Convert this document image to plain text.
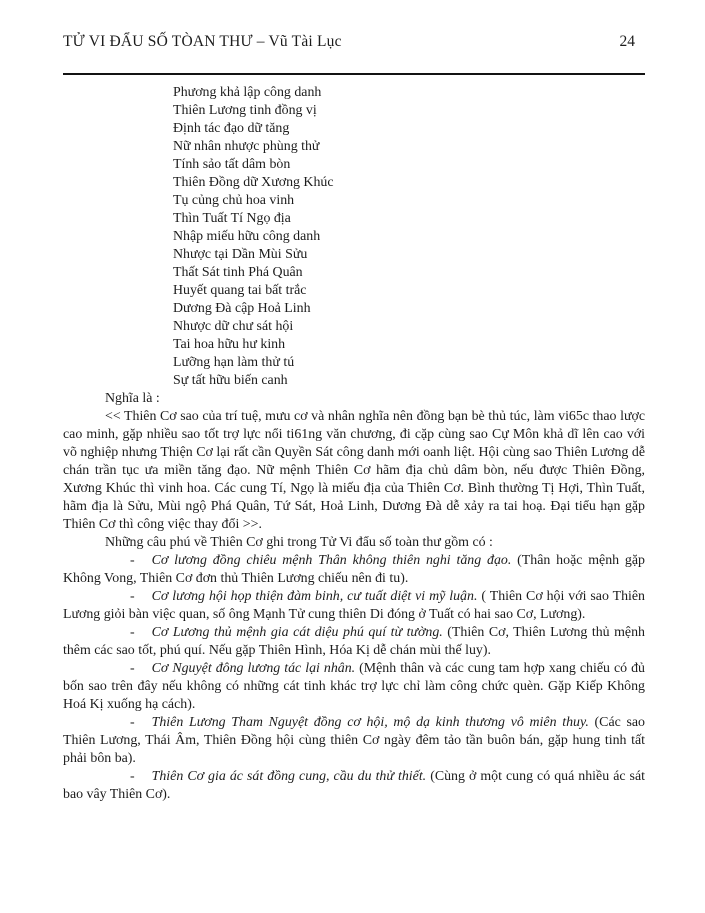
TỬ VI ĐẨU SỐ TÒAN THƯ – Vũ Tài Lục	24
Phương khả lập công danh
Thiên Lương tinh đồng vị
Định tác đạo dữ tăng
Nữ nhân nhược phùng thử
Tính sảo tất dâm bòn
Thiên Đồng dữ Xương Khúc
Tụ củng chủ hoa vinh
Thìn Tuất Tí Ngọ địa
Nhập miếu hữu công danh
Nhược tại Dần Mùi Sửu
Thất Sát tinh Phá Quân
Huyết quang tai bất trắc
Dương Đà cập Hoả Linh
Nhược dữ chư sát hội
Tai hoa hữu hư kinh
Lưỡng hạn làm thử tú
Sự tất hữu biến canh

Nghĩa là :

<< Thiên Cơ sao của trí tuệ, mưu cơ và nhân nghĩa nên đồng bạn bè thủ túc, làm vi65c thao lược cao minh, gặp nhiều sao tốt trợ lực nổi ti61ng văn chương, đi cặp cùng sao Cự Môn khả dĩ lên cao với võ nghiệp nhưng Thiện Cơ lại rất cần Quyền Sát công danh mới oanh liệt. Hội cùng sao Thiên Lương dễ chán trần tục ưa miền tăng đạo. Nữ mệnh Thiên Cơ hãm địa chủ dâm bòn, nếu được Thiên Đồng, Xương Khúc thì vinh hoa. Các cung Tí, Ngọ là miếu địa của Thiên Cơ. Bình thường Tị Hợi, Thìn Tuất, hãm địa là Sửu, Mùi ngộ Phá Quân, Tứ Sát, Hoả Linh, Dương Đà dễ xảy ra tai hoạ. Đại tiểu hạn gặp Thiên Cơ thì công việc thay đổi >>.

Những câu phú về Thiên Cơ ghi trong Tử Vi đẩu số toàn thư gồm có :

- Cơ lương đồng chiêu mệnh Thân không thiên nghi tăng đạo. (Thân hoặc mệnh gặp Không Vong, Thiên Cơ đơn thủ Thiên Lương chiếu nên đi tu).

- Cơ lương hội họp thiện đàm binh, cư tuất diệt vi mỹ luận. ( Thiên Cơ hội với sao Thiên Lương giỏi bàn việc quan, số ông Mạnh Tử cung thiên Di đóng ở Tuất có hai sao Cơ, Lương).

- Cơ Lương thủ mệnh gia cát diệu phú quí từ tường. (Thiên Cơ, Thiên Lương thủ mệnh thêm các sao tốt, phú quí. Nếu gặp Thiên Hình, Hóa Kị dễ chán mùi thế luy).

- Cơ Nguyệt đông lương tác lại nhân. (Mệnh thân và các cung tam hợp xang chiếu có đủ bốn sao trên đây nếu không có những cát tinh khác trợ lực chỉ làm công chức quèn. Gặp Kiếp Không Hoá Kị xuống hạ cách).

- Thiên Lương Tham Nguyệt đồng cơ hội, mộ dạ kinh thương vô miên thuy. (Các sao Thiên Lương, Thái Âm, Thiên Đồng hội cùng thiên Cơ ngày đêm tảo tần buôn bán, gặp hung tinh tất phải bôn ba).

- Thiên Cơ gia ác sát đồng cung, cầu du thử thiết. (Cùng ở một cung có quá nhiều ác sát bao vây Thiên Cơ).
